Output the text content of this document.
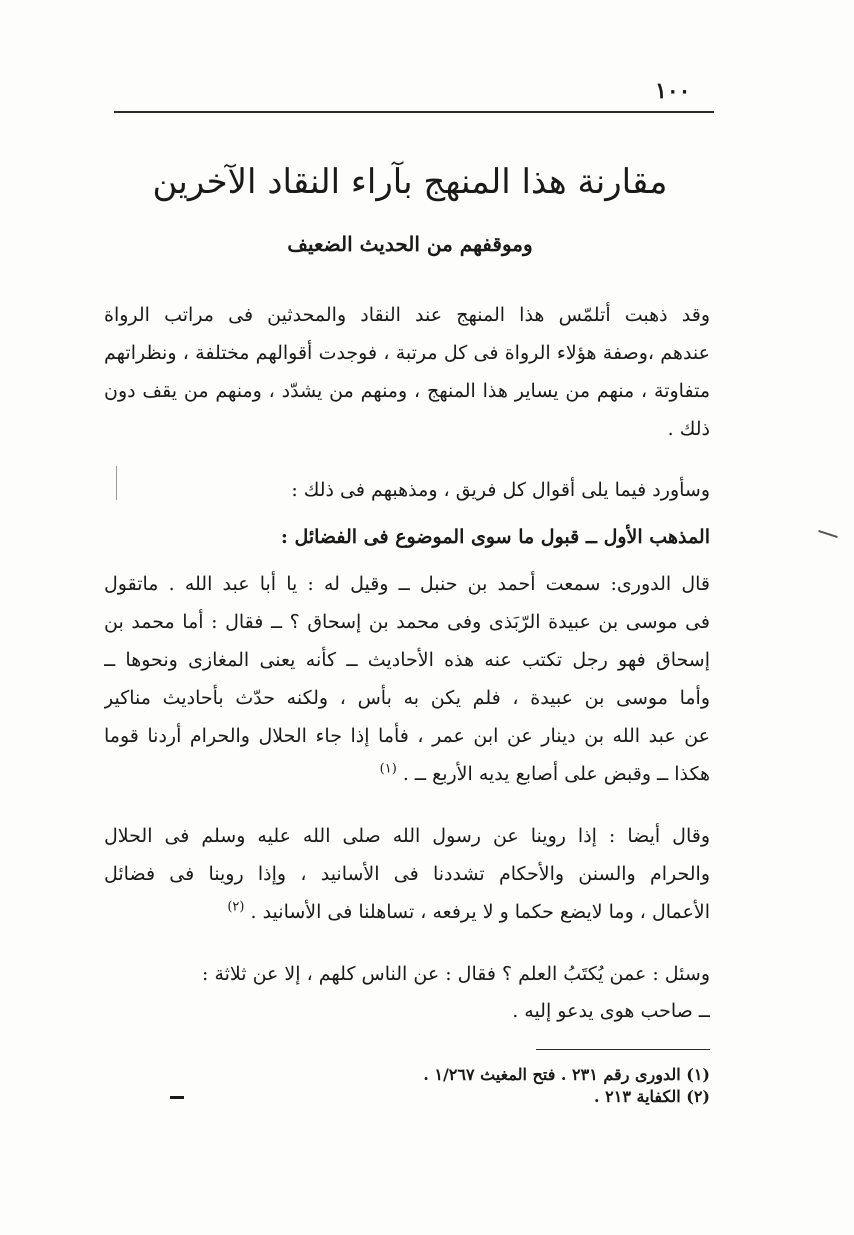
١٠٠
مقارنة هذا المنهج بآراء النقاد الآخرين
وموقفهم من الحديث الضعيف
وقد ذهبت أتلمّس هذا المنهج عند النقاد والمحدثين فى مراتب الرواة
عندهم ،وصفة هؤلاء الرواة فى كل مرتبة ، فوجدت أقوالهم مختلفة ، ونظراتهم
متفاوتة ، منهم من يساير هذا المنهج ، ومنهم من يشدّد ، ومنهم من يقف دون
ذلك .
وسأورد فيما يلى أقوال كل فريق ، ومذهبهم فى ذلك :
المذهب الأول ــ قبول ما سوى الموضوع فى الفضائل :
قال الدورى: سمعت أحمد بن حنبل ــ وقيل له : يا أبا عبد الله . ماتقول
فى موسى بن عبيدة الرّبَذى وفى محمد بن إسحاق ؟ ــ فقال : أما محمد بن
إسحاق فهو رجل تكتب عنه هذه الأحاديث ــ كأنه يعنى المغازى ونحوها ــ
وأما موسى بن عبيدة ، فلم يكن به بأس ، ولكنه حدّث بأحاديث مناكير
عن عبد الله بن دينار عن ابن عمر ، فأما إذا جاء الحلال والحرام أردنا قوما
هكذا ــ وقبض على أصابع يديه الأربع ــ . $^{(١)}$
وقال أيضا : إذا روينا عن رسول الله صلى الله عليه وسلم فى الحلال
والحرام والسنن والأحكام تشددنا فى الأسانيد ، وإذا روينا فى فضائل
الأعمال ، وما لايضع حكما و لا يرفعه ، تساهلنا فى الأسانيد . $^{(٢)}$
وسئل : عمن يُكتَبُ العلم ؟ فقال : عن الناس كلهم ، إلا عن ثلاثة :
ــ صاحب هوى يدعو إليه .
(١) الدورى رقم ٢٣١ . فتح المغيث ١/٢٦٧ .
(٢) الكفاية ٢١٣ .
